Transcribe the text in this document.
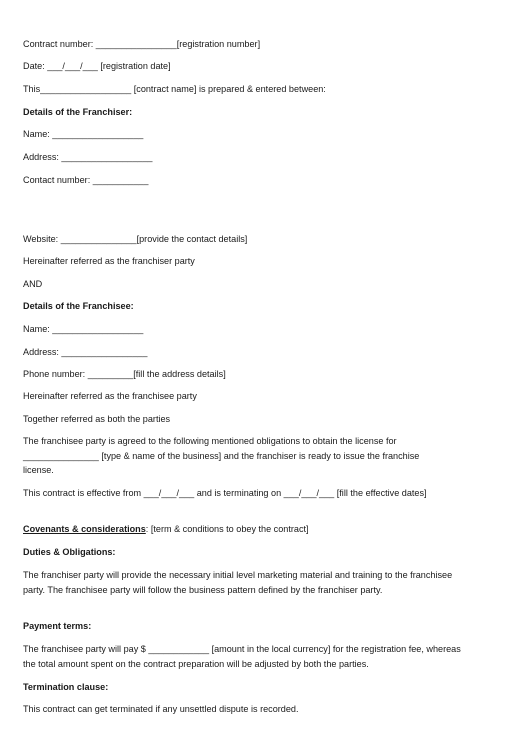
Contract number: ________________[registration number]
Date: ___/___/___ [registration date]
This__________________ [contract name] is prepared & entered between:
Details of the Franchiser:
Name: __________________
Address: __________________
Contact number: ___________
Website: _______________[provide the contact details]
Hereinafter referred as the franchiser party
AND
Details of the Franchisee:
Name: __________________
Address: _________________
Phone number: _________[fill the address details]
Hereinafter referred as the franchisee party
Together referred as both the parties
The franchisee party is agreed to the following mentioned obligations to obtain the license for
_______________ [type & name of the business] and the franchiser is ready to issue the franchise
license.
This contract is effective from ___/___/___ and is terminating on ___/___/___ [fill the effective dates]
Covenants & considerations: [term & conditions to obey the contract]
Duties & Obligations:
The franchiser party will provide the necessary initial level marketing material and training to the franchisee party. The franchisee party will follow the business pattern defined by the franchiser party.
Payment terms:
The franchisee party will pay $ ____________ [amount in the local currency] for the registration fee, whereas the total amount spent on the contract preparation will be adjusted by both the parties.
Termination clause:
This contract can get terminated if any unsettled dispute is recorded.
